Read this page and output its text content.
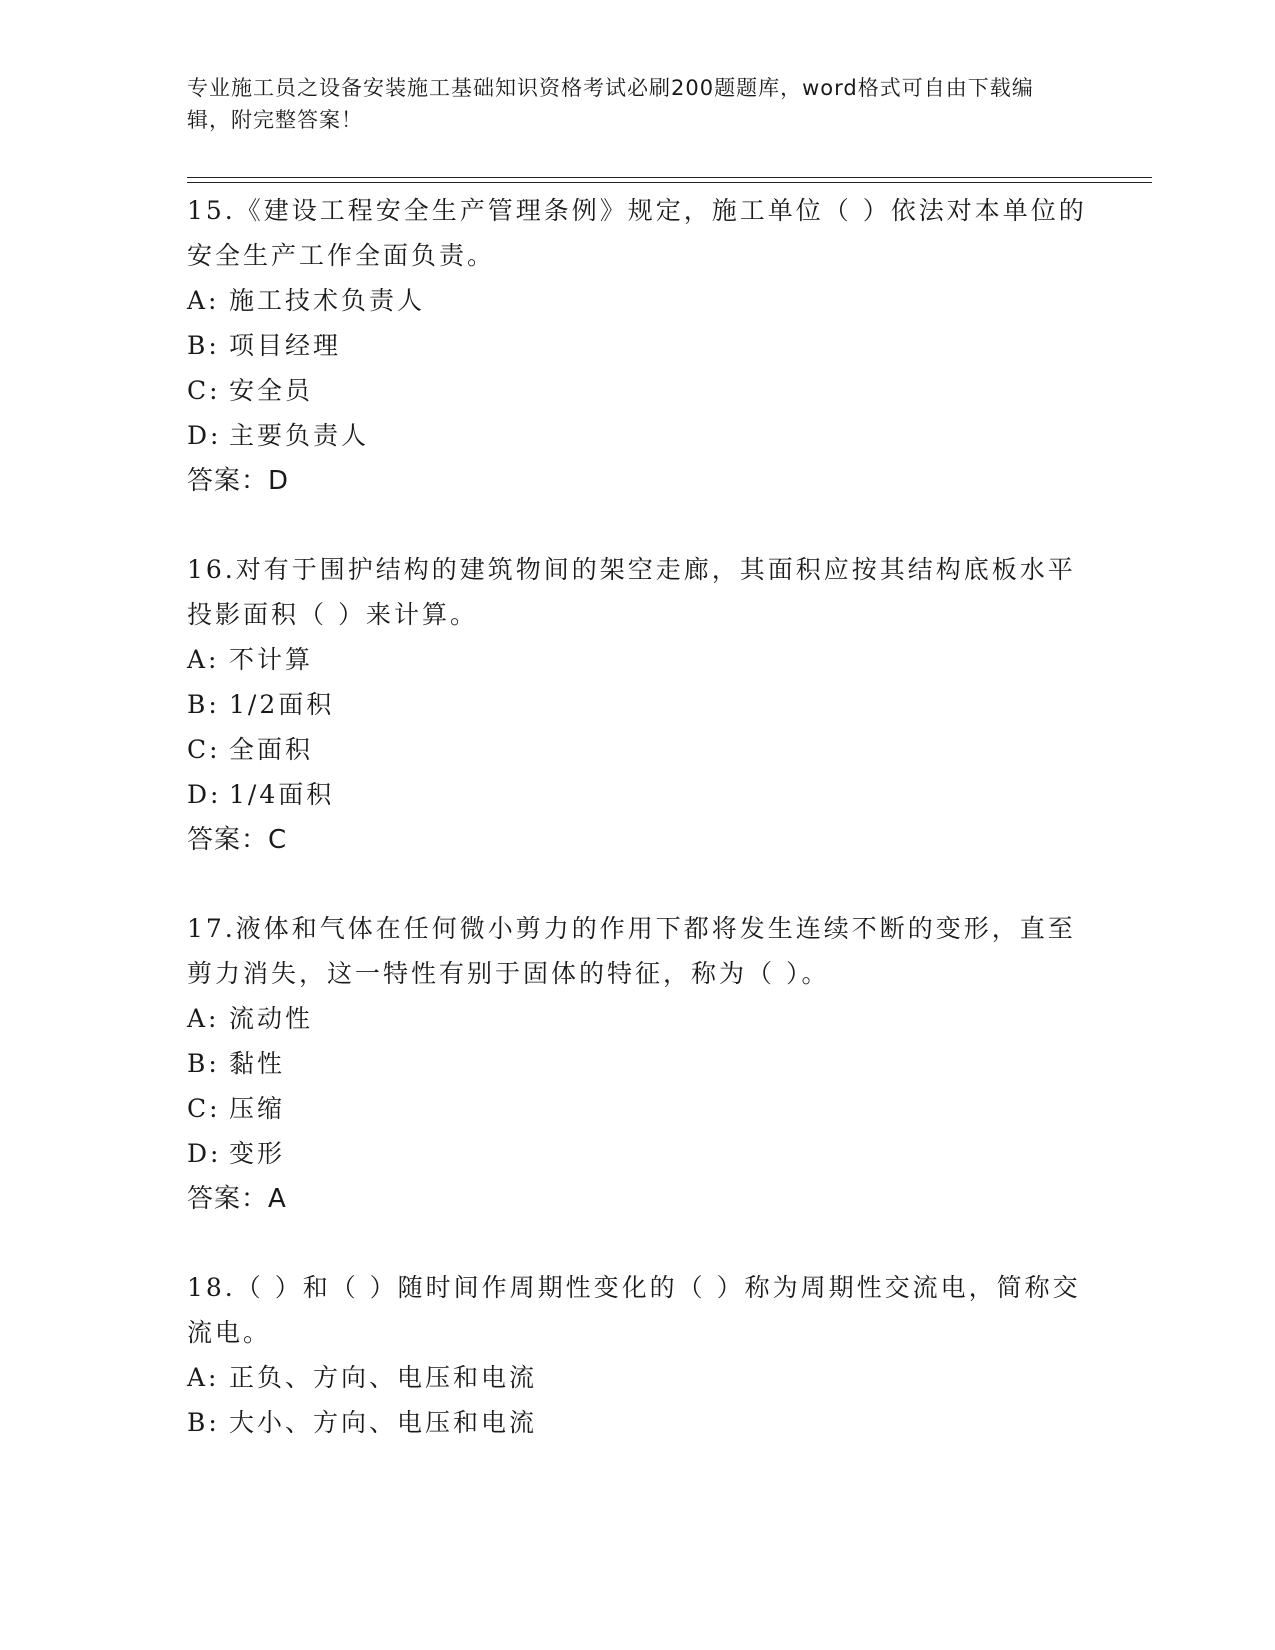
专业施工员之设备安装施工基础知识资格考试必刷200题题库，word格式可自由下载编辑，附完整答案！

15.《建设工程安全生产管理条例》规定，施工单位（ ）依法对本单位的安全生产工作全面负责。

A: 施工技术负责人

B: 项目经理

C: 安全员

D: 主要负责人

答案：D

16.对有于围护结构的建筑物间的架空走廊，其面积应按其结构底板水平投影面积（ ）来计算。

A: 不计算

B: 1/2面积

C: 全面积

D: 1/4面积

答案：C

17.液体和气体在任何微小剪力的作用下都将发生连续不断的变形，直至剪力消失，这一特性有别于固体的特征，称为（ ）。

A: 流动性

B: 黏性

C: 压缩

D: 变形

答案：A

18.（ ）和（ ）随时间作周期性变化的（ ）称为周期性交流电，简称交流电。

A: 正负、方向、电压和电流

B: 大小、方向、电压和电流
